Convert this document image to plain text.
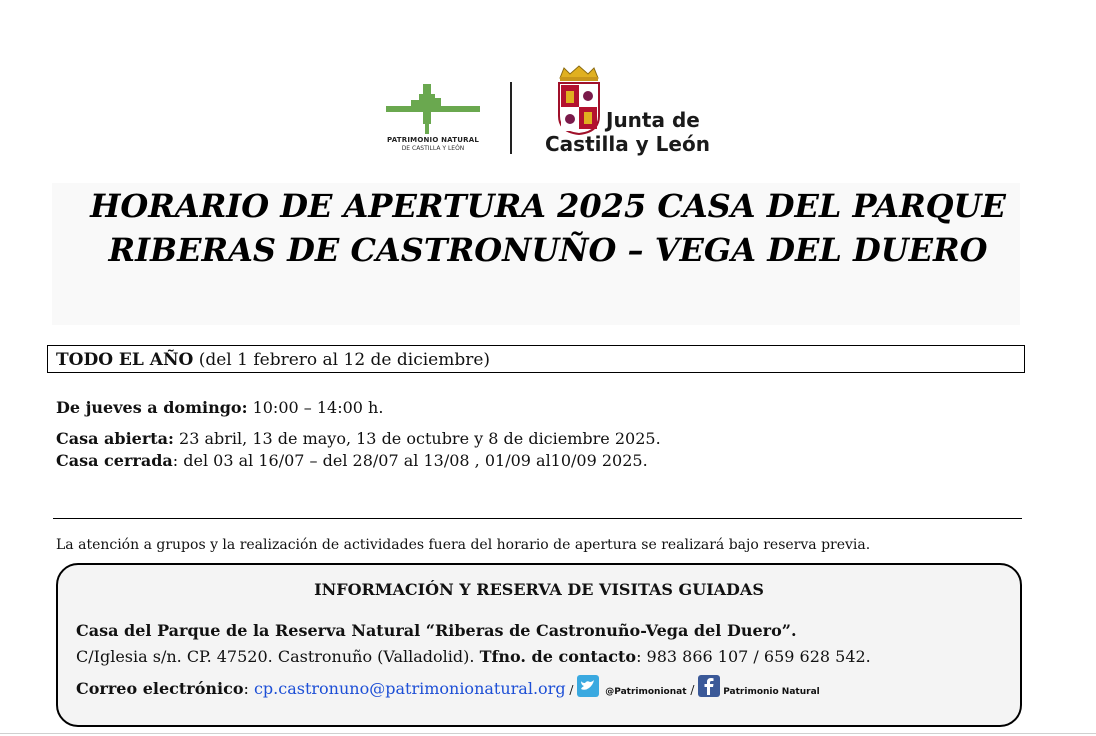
PATRIMONIO NATURAL
DE CASTILLA Y LEÓN
Junta de
Castilla y León
HORARIO DE APERTURA 2025 CASA DEL PARQUE
RIBERAS DE CASTRONUÑO – VEGA DEL DUERO
TODO EL AÑO (del 1 febrero al 12 de diciembre)
De jueves a domingo: 10:00 – 14:00 h.
Casa abierta: 23 abril, 13 de mayo, 13 de octubre y 8 de diciembre 2025.
Casa cerrada: del 03 al 16/07 – del 28/07 al 13/08 , 01/09 al10/09 2025.
La atención a grupos y la realización de actividades fuera del horario de apertura se realizará bajo reserva previa.
INFORMACIÓN Y RESERVA DE VISITAS GUIADAS
Casa del Parque de la Reserva Natural “Riberas de Castronuño-Vega del Duero”.
C/Iglesia s/n. CP. 47520. Castronuño (Valladolid). Tfno. de contacto: 983 866 107 / 659 628 542.
Correo electrónico: cp.castronuno@patrimonionatural.org /	@Patrimonionat /	Patrimonio Natural
